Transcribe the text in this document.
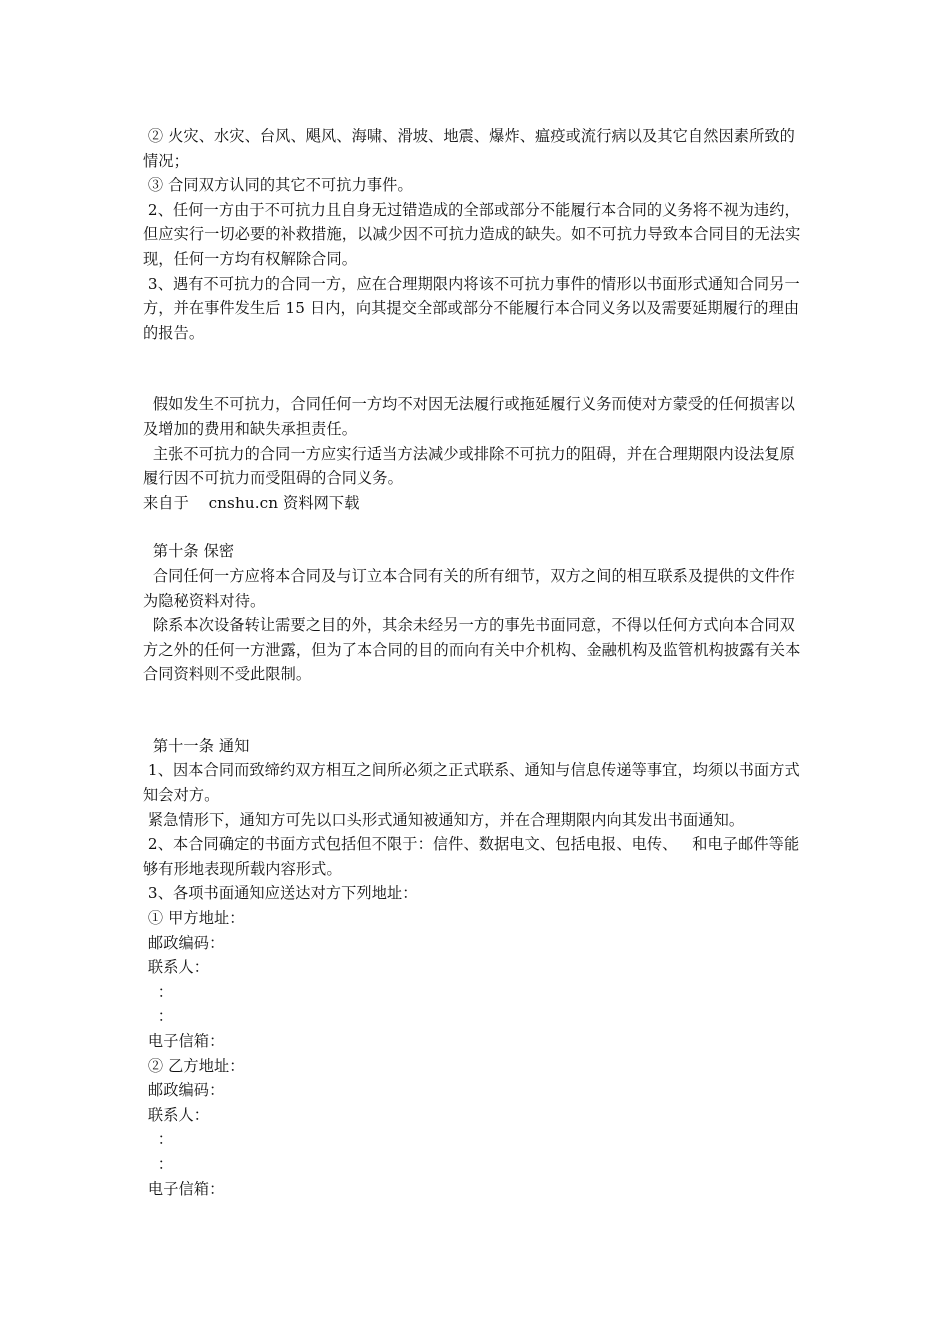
② 火灾、水灾、台风、飓风、海啸、滑坡、地震、爆炸、瘟疫或流行病以及其它自然因素所致的情况；

③ 合同双方认同的其它不可抗力事件。

2、任何一方由于不可抗力且自身无过错造成的全部或部分不能履行本合同的义务将不视为违约，但应实行一切必要的补救措施，以减少因不可抗力造成的缺失。如不可抗力导致本合同目的无法实现，任何一方均有权解除合同。

3、遇有不可抗力的合同一方，应在合理期限内将该不可抗力事件的情形以书面形式通知合同另一方，并在事件发生后 15 日内，向其提交全部或部分不能履行本合同义务以及需要延期履行的理由的报告。

假如发生不可抗力，合同任何一方均不对因无法履行或拖延履行义务而使对方蒙受的任何损害以及增加的费用和缺失承担责任。

主张不可抗力的合同一方应实行适当方法减少或排除不可抗力的阻碍，并在合理期限内设法复原履行因不可抗力而受阻碍的合同义务。

来自于    cnshu.cn 资料网下载

第十条 保密

合同任何一方应将本合同及与订立本合同有关的所有细节，双方之间的相互联系及提供的文件作为隐秘资料对待。

除系本次设备转让需要之目的外，其余未经另一方的事先书面同意，不得以任何方式向本合同双方之外的任何一方泄露，但为了本合同的目的而向有关中介机构、金融机构及监管机构披露有关本合同资料则不受此限制。

第十一条 通知

1、因本合同而致缔约双方相互之间所必须之正式联系、通知与信息传递等事宜，均须以书面方式知会对方。

紧急情形下，通知方可先以口头形式通知被通知方，并在合理期限内向其发出书面通知。

2、本合同确定的书面方式包括但不限于：信件、数据电文、包括电报、电传、   和电子邮件等能够有形地表现所载内容形式。

3、各项书面通知应送达对方下列地址：

① 甲方地址：

邮政编码：

联系人：

：

：

电子信箱：

② 乙方地址：

邮政编码：

联系人：

：

：

电子信箱：
